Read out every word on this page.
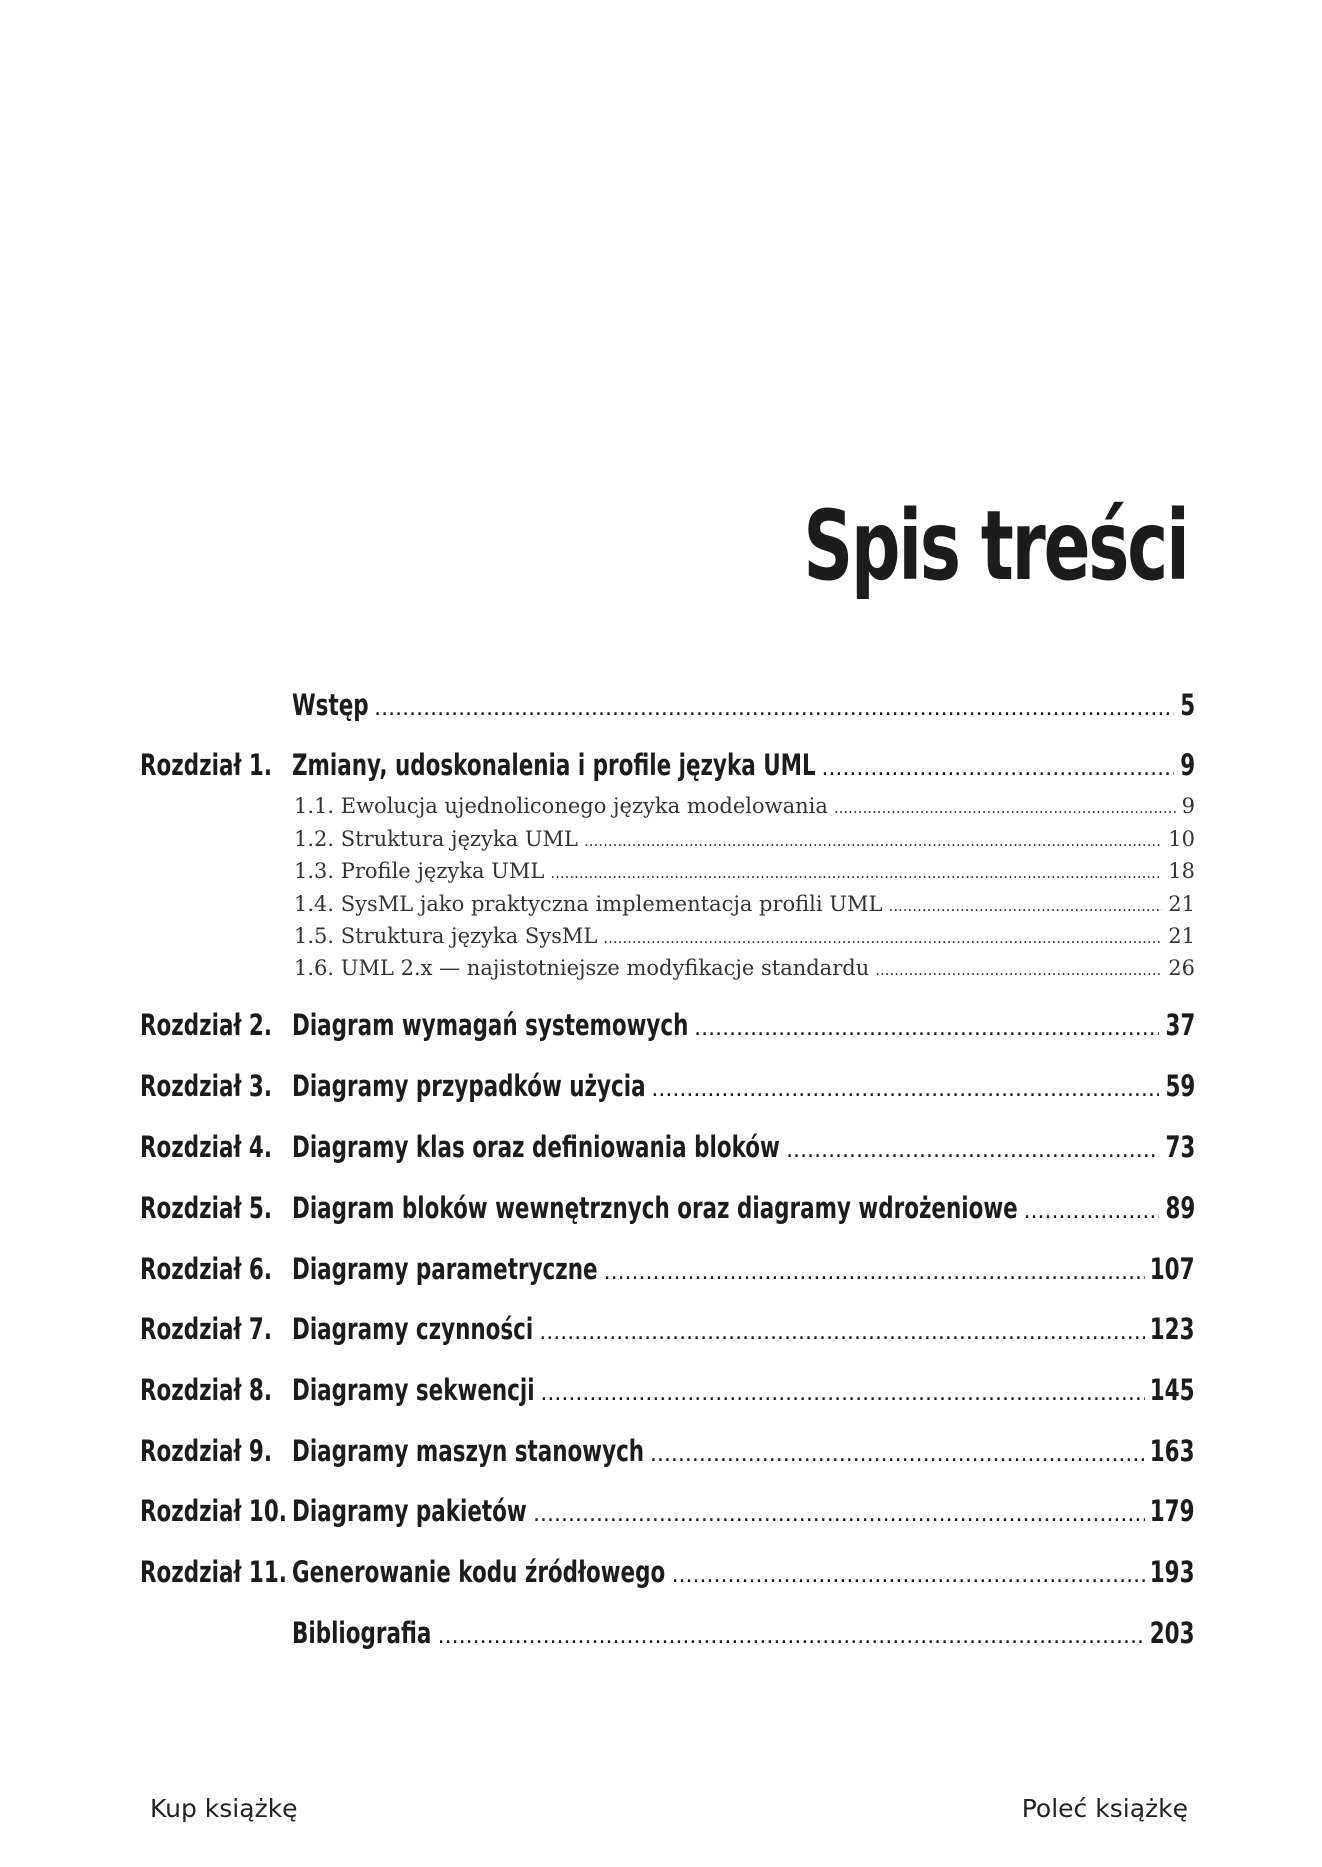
Spis treści
Wstęp .....	5
Rozdział 1. Zmiany, udoskonalenia i profile języka UML .....	9
1.1. Ewolucja ujednoliconego języka modelowania .....	9
1.2. Struktura języka UML .....	10
1.3. Profile języka UML .....	18
1.4. SysML jako praktyczna implementacja profili UML .....	21
1.5. Struktura języka SysML .....	21
1.6. UML 2.x — najistotniejsze modyfikacje standardu .....	26
Rozdział 2. Diagram wymagań systemowych .....	37
Rozdział 3. Diagramy przypadków użycia .....	59
Rozdział 4. Diagramy klas oraz definiowania bloków .....	73
Rozdział 5. Diagram bloków wewnętrznych oraz diagramy wdrożeniowe .....	89
Rozdział 6. Diagramy parametryczne .....	107
Rozdział 7. Diagramy czynności .....	123
Rozdział 8. Diagramy sekwencji .....	145
Rozdział 9. Diagramy maszyn stanowych .....	163
Rozdział 10. Diagramy pakietów .....	179
Rozdział 11. Generowanie kodu źródłowego .....	193
Bibliografia .....	203
Kup książkę	Poleć książkę
